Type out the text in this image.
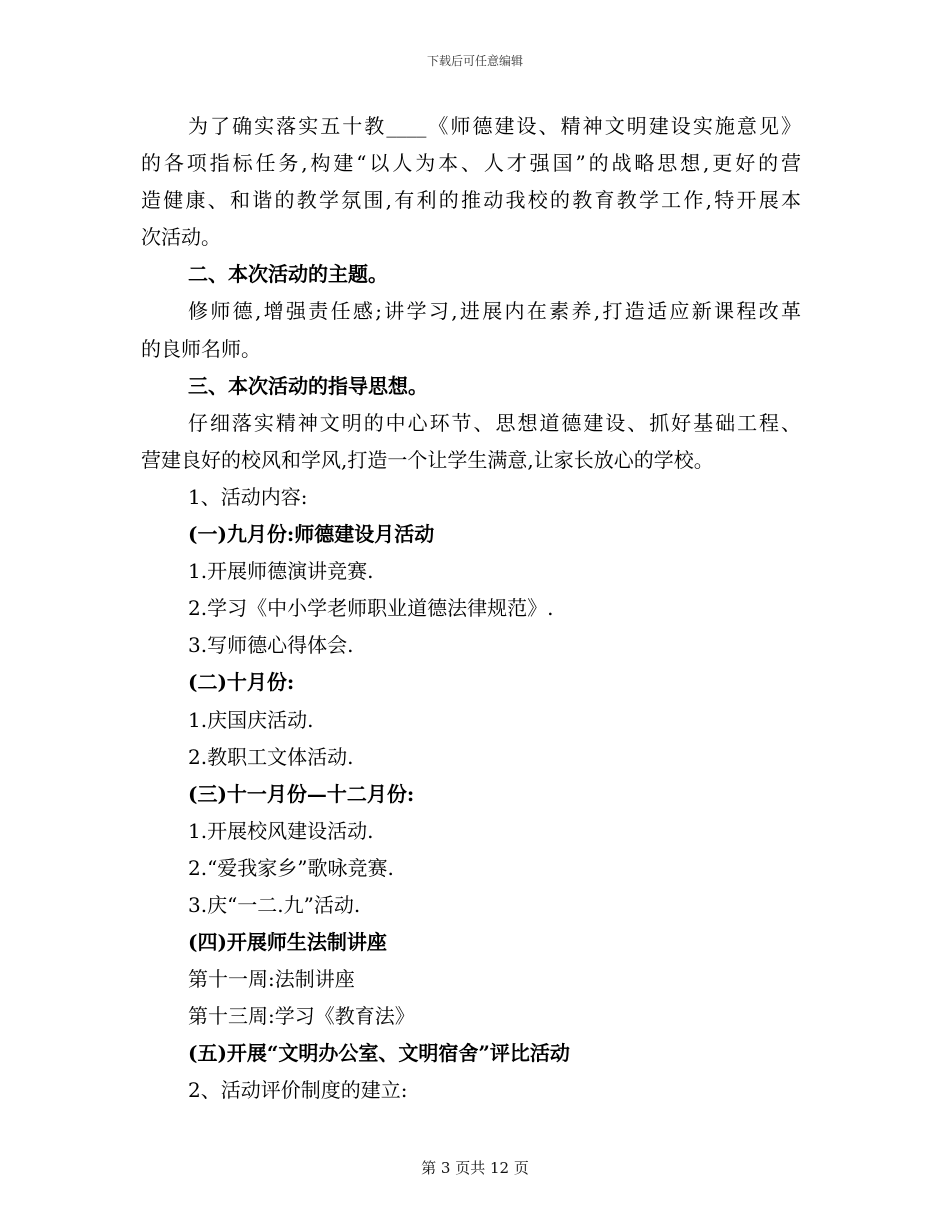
下载后可任意编辑
为了确实落实五十教____《师德建设、精神文明建设实施意见》
的各项指标任务,构建“以人为本、人才强国”的战略思想,更好的营
造健康、和谐的教学氛围,有利的推动我校的教育教学工作,特开展本
次活动。
二、本次活动的主题。
修师德,增强责任感;讲学习,进展内在素养,打造适应新课程改革
的良师名师。
三、本次活动的指导思想。
仔细落实精神文明的中心环节、思想道德建设、抓好基础工程、
营建良好的校风和学风,打造一个让学生满意,让家长放心的学校。
1、活动内容:
(一)九月份:师德建设月活动
1.开展师德演讲竞赛.
2.学习《中小学老师职业道德法律规范》.
3.写师德心得体会.
(二)十月份:
1.庆国庆活动.
2.教职工文体活动.
(三)十一月份—十二月份:
1.开展校风建设活动.
2.“爱我家乡”歌咏竞赛.
3.庆“一二.九”活动.
(四)开展师生法制讲座
第十一周:法制讲座
第十三周:学习《教育法》
(五)开展“文明办公室、文明宿舍”评比活动
2、活动评价制度的建立:
第 3 页共 12 页
